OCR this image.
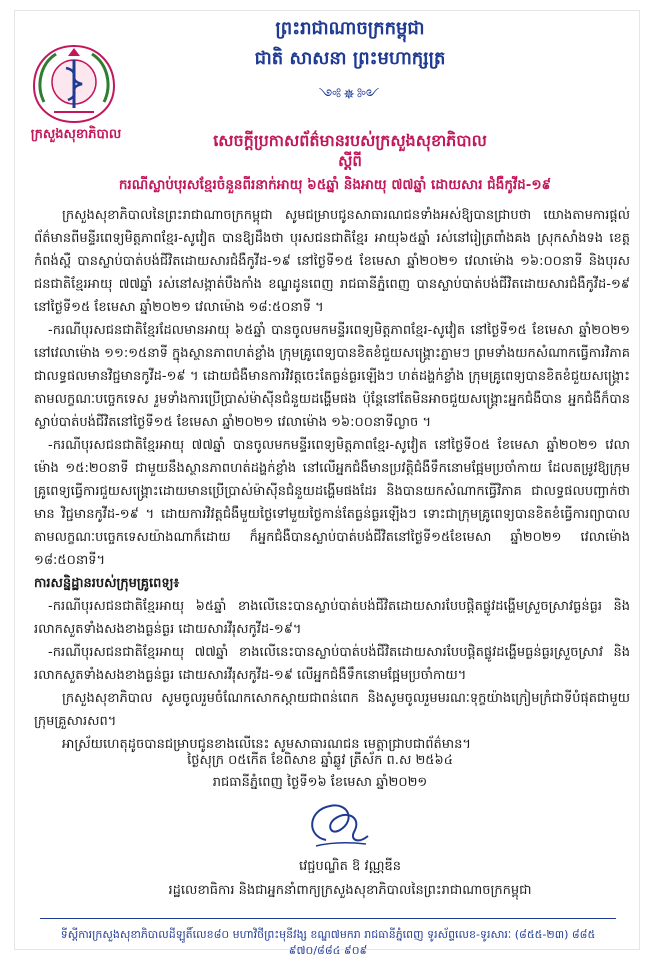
ក្រសួងសុខាភិបាល
ព្រះរាជាណាចក្រកម្ពុជា
ជាតិ សាសនា ព្រះមហាក្សត្រ
༺✵༻
សេចក្តីប្រកាសព័ត៌មានរបស់ក្រសួងសុខាភិបាល
ស្តីពី
ករណីស្លាប់បុរសខ្មែរចំនួនពីរនាក់អាយុ ៦៥ឆ្នាំ និងអាយុ ៧៧ឆ្នាំ ដោយសារ ជំងឺកូវីដ-១៩

ក្រសួងសុខាភិបាលនៃព្រះរាជាណាចក្រកម្ពុជា សូមជម្រាបជូនសាធារណជនទាំងអស់ឱ្យបានជ្រាបថា យោងតាមការផ្តល់ព័ត៌មានពីមន្ទីរពេទ្យមិត្តភាពខ្មែរ-សូវៀត បានឱ្យដឹងថា បុរសជនជាតិខ្មែរ អាយុ៦៥ឆ្នាំ រស់នៅរៀត្រពាំងគង ស្រុកសាំងទង ខេត្តកំពង់ស្ពឺ បានស្លាប់បាត់បង់ជីវិតដោយសារជំងឺកូវីដ-១៩ នៅថ្ងៃទី១៥ ខែមេសា ឆ្នាំ២០២១ វេលាម៉ោង ១៦:០០នាទី និងបុរសជនជាតិខ្មែរអាយុ ៧៧ឆ្នាំ រស់នៅសង្កាត់បឹងកាំង ខណ្ឌដូនពេញ រាជធានីភ្នំពេញ បានស្លាប់បាត់បង់ជីវិតដោយសារជំងឺកូវីដ-១៩ នៅថ្ងៃទី១៥ ខែមេសា ឆ្នាំ២០២១ វេលាម៉ោង ១៨:៥០នាទី ។

-ករណីបុរសជនជាតិខ្មែរដែលមានអាយុ ៦៥ឆ្នាំ បានចូលមកមន្ទីរពេទ្យមិត្តភាពខ្មែរ-សូវៀត នៅថ្ងៃទី១៥ ខែមេសា ឆ្នាំ២០២១ នៅវេលាម៉ោង ១១:១៥នាទី ក្នុងស្ថានភាពហត់ខ្លាំង ក្រុមគ្រូពេទ្យបានខិតខំជួយសង្គ្រោះភ្លាមៗ ព្រមទាំងយកសំណាកធ្វើការវិភាគ ជាលទ្ធផលមានវិជ្ជមានកូវីដ-១៩ ។ ដោយជំងឺមានការវិវត្តចេះតែធ្ងន់ធ្ងរឡើងៗ ហត់ដង្ហក់ខ្លាំង ក្រុមគ្រូពេទ្យបានខិតខំជួយសង្គ្រោះតាមលក្ខណៈបច្ចេកទេស រួមទាំងការប្រើប្រាស់ម៉ាស៊ីនជំនួយដង្ហើមផង ប៉ុន្តែនៅតែមិនអាចជួយសង្គ្រោះអ្នកជំងឺបាន អ្នកជំងឺក៏បានស្លាប់បាត់បង់ជីវិតនៅថ្ងៃទី១៥ ខែមេសា ឆ្នាំ២០២១ វេលាម៉ោង ១៦:០០នាទីល្ងាច ។

-ករណីបុរសជនជាតិខ្មែរអាយុ ៧៧ឆ្នាំ បានចូលមកមន្ទីរពេទ្យមិត្តភាពខ្មែរ-សូវៀត នៅថ្ងៃទី០៥ ខែមេសា ឆ្នាំ២០២១ វេលាម៉ោង ១៥:២០នាទី ជាមួយនឹងស្ថានភាពហត់ដង្ហក់ខ្លាំង នៅលើអ្នកជំងឺមានប្រវត្តិជំងឺទឹកនោមផ្អែមប្រចាំកាយ ដែលតម្រូវឱ្យក្រុមគ្រូពេទ្យធ្វើការជួយសង្គ្រោះដោយមានប្រើប្រាស់ម៉ាស៊ីនជំនួយដង្ហើមផងដែរ និងបានយកសំណាកធ្វើវិភាគ ជាលទ្ធផលបញ្ជាក់ថាមាន វិជ្ជមានកូវីដ-១៩ ។ ដោយការវិវត្តជំងឺមួយថ្ងៃទៅមួយថ្ងៃកាន់តែធ្ងន់ធ្ងរឡើងៗ ទោះជាក្រុមគ្រូពេទ្យបានខិតខំធ្វើការព្យាបាលតាមលក្ខណៈបច្ចេកទេសយ៉ាងណាក៏ដោយ ក៏អ្នកជំងឺបានស្លាប់បាត់បង់ជីវិតនៅថ្ងៃទី១៥ខែមេសា ឆ្នាំ២០២១ វេលាម៉ោង ១៨:៥០នាទី។

ការសន្និដ្ឋានរបស់ក្រុមគ្រូពេទ្យ៖

-ករណីបុរសជនជាតិខ្មែរអាយុ ៦៥ឆ្នាំ ខាងលើនេះបានស្លាប់បាត់បង់ជីវិតដោយសារបែបផ្តិតផ្លូវដង្ហើមស្រួចស្រាវធ្ងន់ធ្ងរ និងរលាកសួតទាំងសងខាងធ្ងន់ធ្ងរ ដោយសារវីរុសកូវីដ-១៩។

-ករណីបុរសជនជាតិខ្មែរអាយុ ៧៧ឆ្នាំ ខាងលើនេះបានស្លាប់បាត់បង់ជីវិតដោយសារបែបផ្តិតផ្លូវដង្ហើមធ្ងន់ធ្ងរស្រួចស្រាវ និង រលាកសួតទាំងសងខាងធ្ងន់ធ្ងរ ដោយសារវីរុសកូវីដ-១៩ លើអ្នកជំងឺទឹកនោមផ្អែមប្រចាំកាយ។

ក្រសួងសុខាភិបាល សូមចូលរួមចំណែកសោកស្តាយជាពន់ពេក និងសូមចូលរួមមរណៈទុក្ខយ៉ាងក្រៀមក្រំជាទីបំផុតជាមួយក្រុមគ្រួសារសព។

អាស្រ័យហេតុដូចបានជម្រាបជូនខាងលើនេះ សូមសាធារណជន មេត្តាជ្រាបជាព័ត៌មាន។

ថ្ងៃសុក្រ ០៥កើត ខែពិសាខ ឆ្នាំឆ្លូវ ត្រីស័ក ព.ស ២៥៦៤
រាជធានីភ្នំពេញ ថ្ងៃទី១៦ ខែមេសា ឆ្នាំ២០២១
វេជ្ជបណ្ឌិត ឱ វណ្ណឌីន
រដ្ឋលេខាធិការ និងជាអ្នកនាំពាក្យក្រសួងសុខាភិបាលនៃព្រះរាជាណាចក្រកម្ពុជា
ទីស្តីការក្រសួងសុខាភិបាលដីឡូតិ៍លេខ៨០ មហាវិថីព្រះមុនីវង្ស ខណ្ឌ៧មករា រាជធានីភ្នំពេញ ទូរស័ព្ទលេខ-ទូរសារៈ (៨៥៥-២៣) ៨៨៥ ៩៧០/៨៨៤ ៩០៩
